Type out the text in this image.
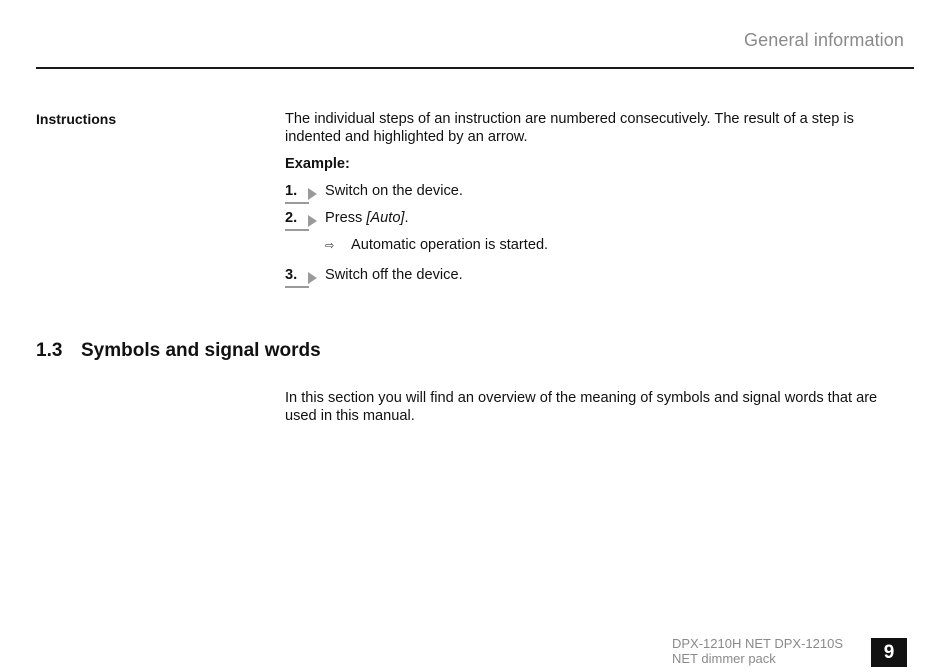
General information
Instructions	The individual steps of an instruction are numbered consecutively. The result of a step is indented and highlighted by an arrow.
Example:
1.	Switch on the device.
2.	Press [Auto].
⇨ Automatic operation is started.
3.	Switch off the device.
1.3 Symbols and signal words
In this section you will find an overview of the meaning of symbols and signal words that are used in this manual.
DPX-1210H NET DPX-1210S NET dimmer pack	9
